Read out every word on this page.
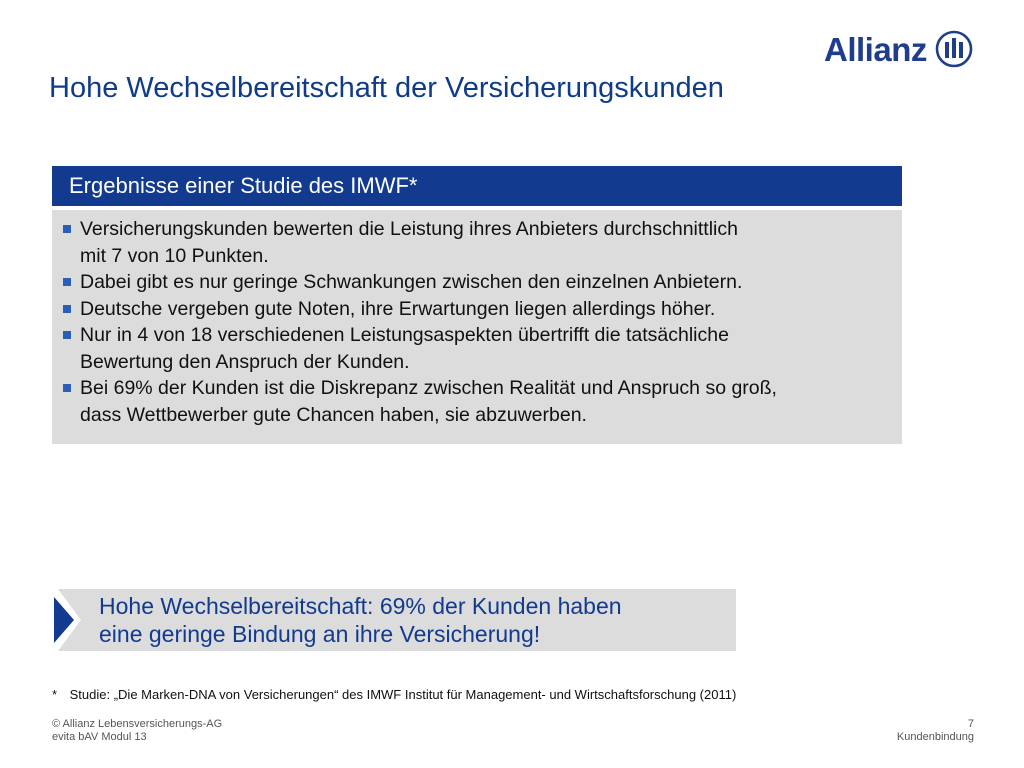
Allianz
Hohe Wechselbereitschaft der Versicherungskunden
Ergebnisse einer Studie des IMWF*
Versicherungskunden bewerten die Leistung ihres Anbieters durchschnittlich
mit 7 von 10 Punkten.
Dabei gibt es nur geringe Schwankungen zwischen den einzelnen Anbietern.
Deutsche vergeben gute Noten, ihre Erwartungen liegen allerdings höher.
Nur in 4 von 18 verschiedenen Leistungsaspekten übertrifft die tatsächliche
Bewertung den Anspruch der Kunden.
Bei 69% der Kunden ist die Diskrepanz zwischen Realität und Anspruch so groß,
dass Wettbewerber gute Chancen haben, sie abzuwerben.

Hohe Wechselbereitschaft: 69% der Kunden haben
eine geringe Bindung an ihre Versicherung!

* Studie: „Die Marken-DNA von Versicherungen“ des IMWF Institut für Management- und Wirtschaftsforschung (2011)
© Allianz Lebensversicherungs-AG
evita bAV Modul 13
7
Kundenbindung
